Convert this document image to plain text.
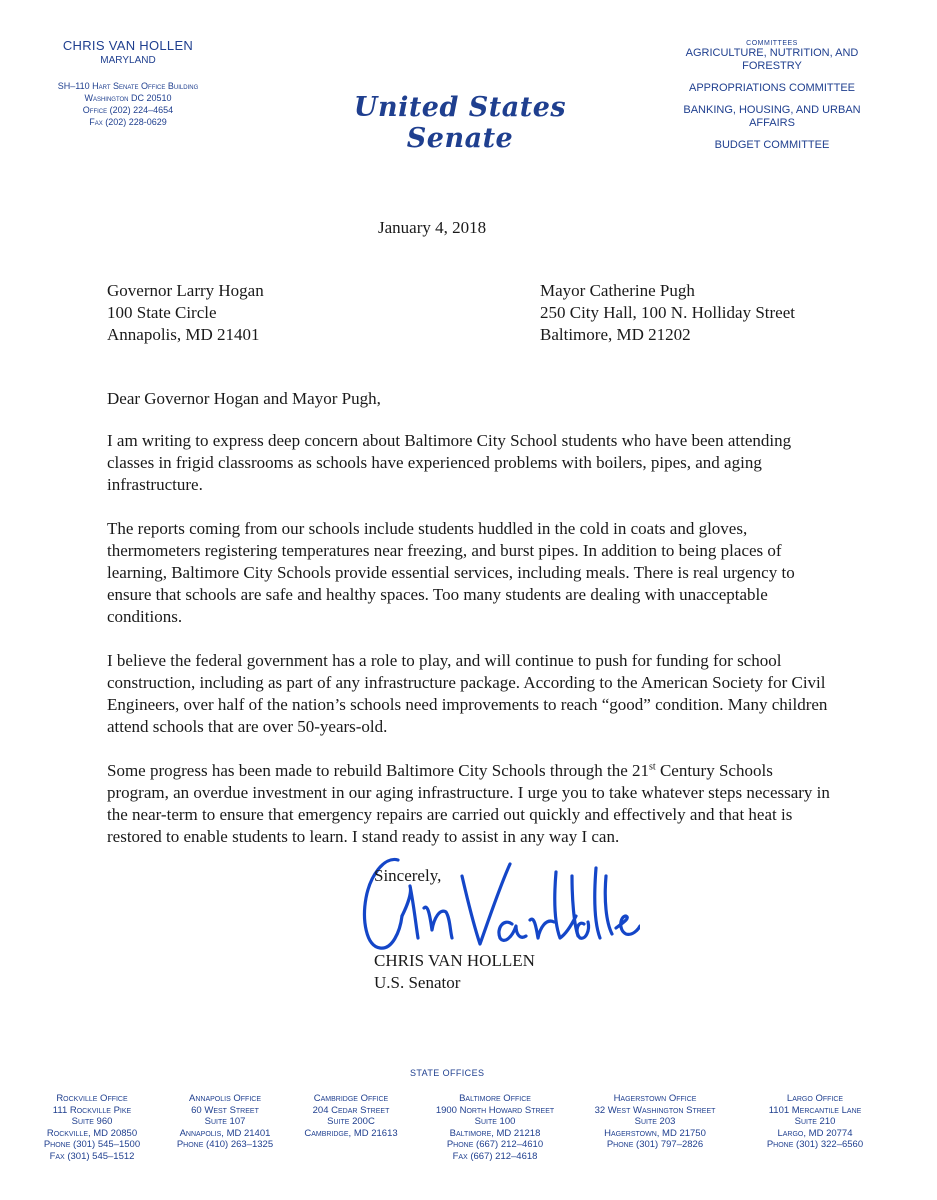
CHRIS VAN HOLLEN
MARYLAND
SH–110 Hart Senate Office Building
Washington DC 20510
Office (202) 224–4654
Fax (202) 228-0629	United States Senate
COMMITTEES
AGRICULTURE, NUTRITION, AND FORESTRY
APPROPRIATIONS COMMITTEE
BANKING, HOUSING, AND URBAN AFFAIRS
BUDGET COMMITTEE
January 4, 2018
Governor Larry Hogan
100 State Circle
Annapolis, MD 21401
Mayor Catherine Pugh
250 City Hall, 100 N. Holliday Street
Baltimore, MD 21202

Dear Governor Hogan and Mayor Pugh,

I am writing to express deep concern about Baltimore City School students who have been attending classes in frigid classrooms as schools have experienced problems with boilers, pipes, and aging infrastructure.

The reports coming from our schools include students huddled in the cold in coats and gloves, thermometers registering temperatures near freezing, and burst pipes. In addition to being places of learning, Baltimore City Schools provide essential services, including meals. There is real urgency to ensure that schools are safe and healthy spaces. Too many students are dealing with unacceptable conditions.

I believe the federal government has a role to play, and will continue to push for funding for school construction, including as part of any infrastructure package. According to the American Society for Civil Engineers, over half of the nation’s schools need improvements to reach “good” condition. Many children attend schools that are over 50-years-old.

Some progress has been made to rebuild Baltimore City Schools through the 21st Century Schools program, an overdue investment in our aging infrastructure. I urge you to take whatever steps necessary in the near-term to ensure that emergency repairs are carried out quickly and effectively and that heat is restored to enable students to learn. I stand ready to assist in any way I can.

Sincerely,
CHRIS VAN HOLLEN
U.S. Senator
STATE OFFICES
Rockville Office
111 Rockville Pike
Suite 960
Rockville, MD 20850
Phone (301) 545–1500
Fax (301) 545–1512
Annapolis Office
60 West Street
Suite 107
Annapolis, MD 21401
Phone (410) 263–1325
Cambridge Office
204 Cedar Street
Suite 200C
Cambridge, MD 21613
Baltimore Office
1900 North Howard Street
Suite 100
Baltimore, MD 21218
Phone (667) 212–4610
Fax (667) 212–4618
Hagerstown Office
32 West Washington Street
Suite 203
Hagerstown, MD 21750
Phone (301) 797–2826
Largo Office
1101 Mercantile Lane
Suite 210
Largo, MD 20774
Phone (301) 322–6560
